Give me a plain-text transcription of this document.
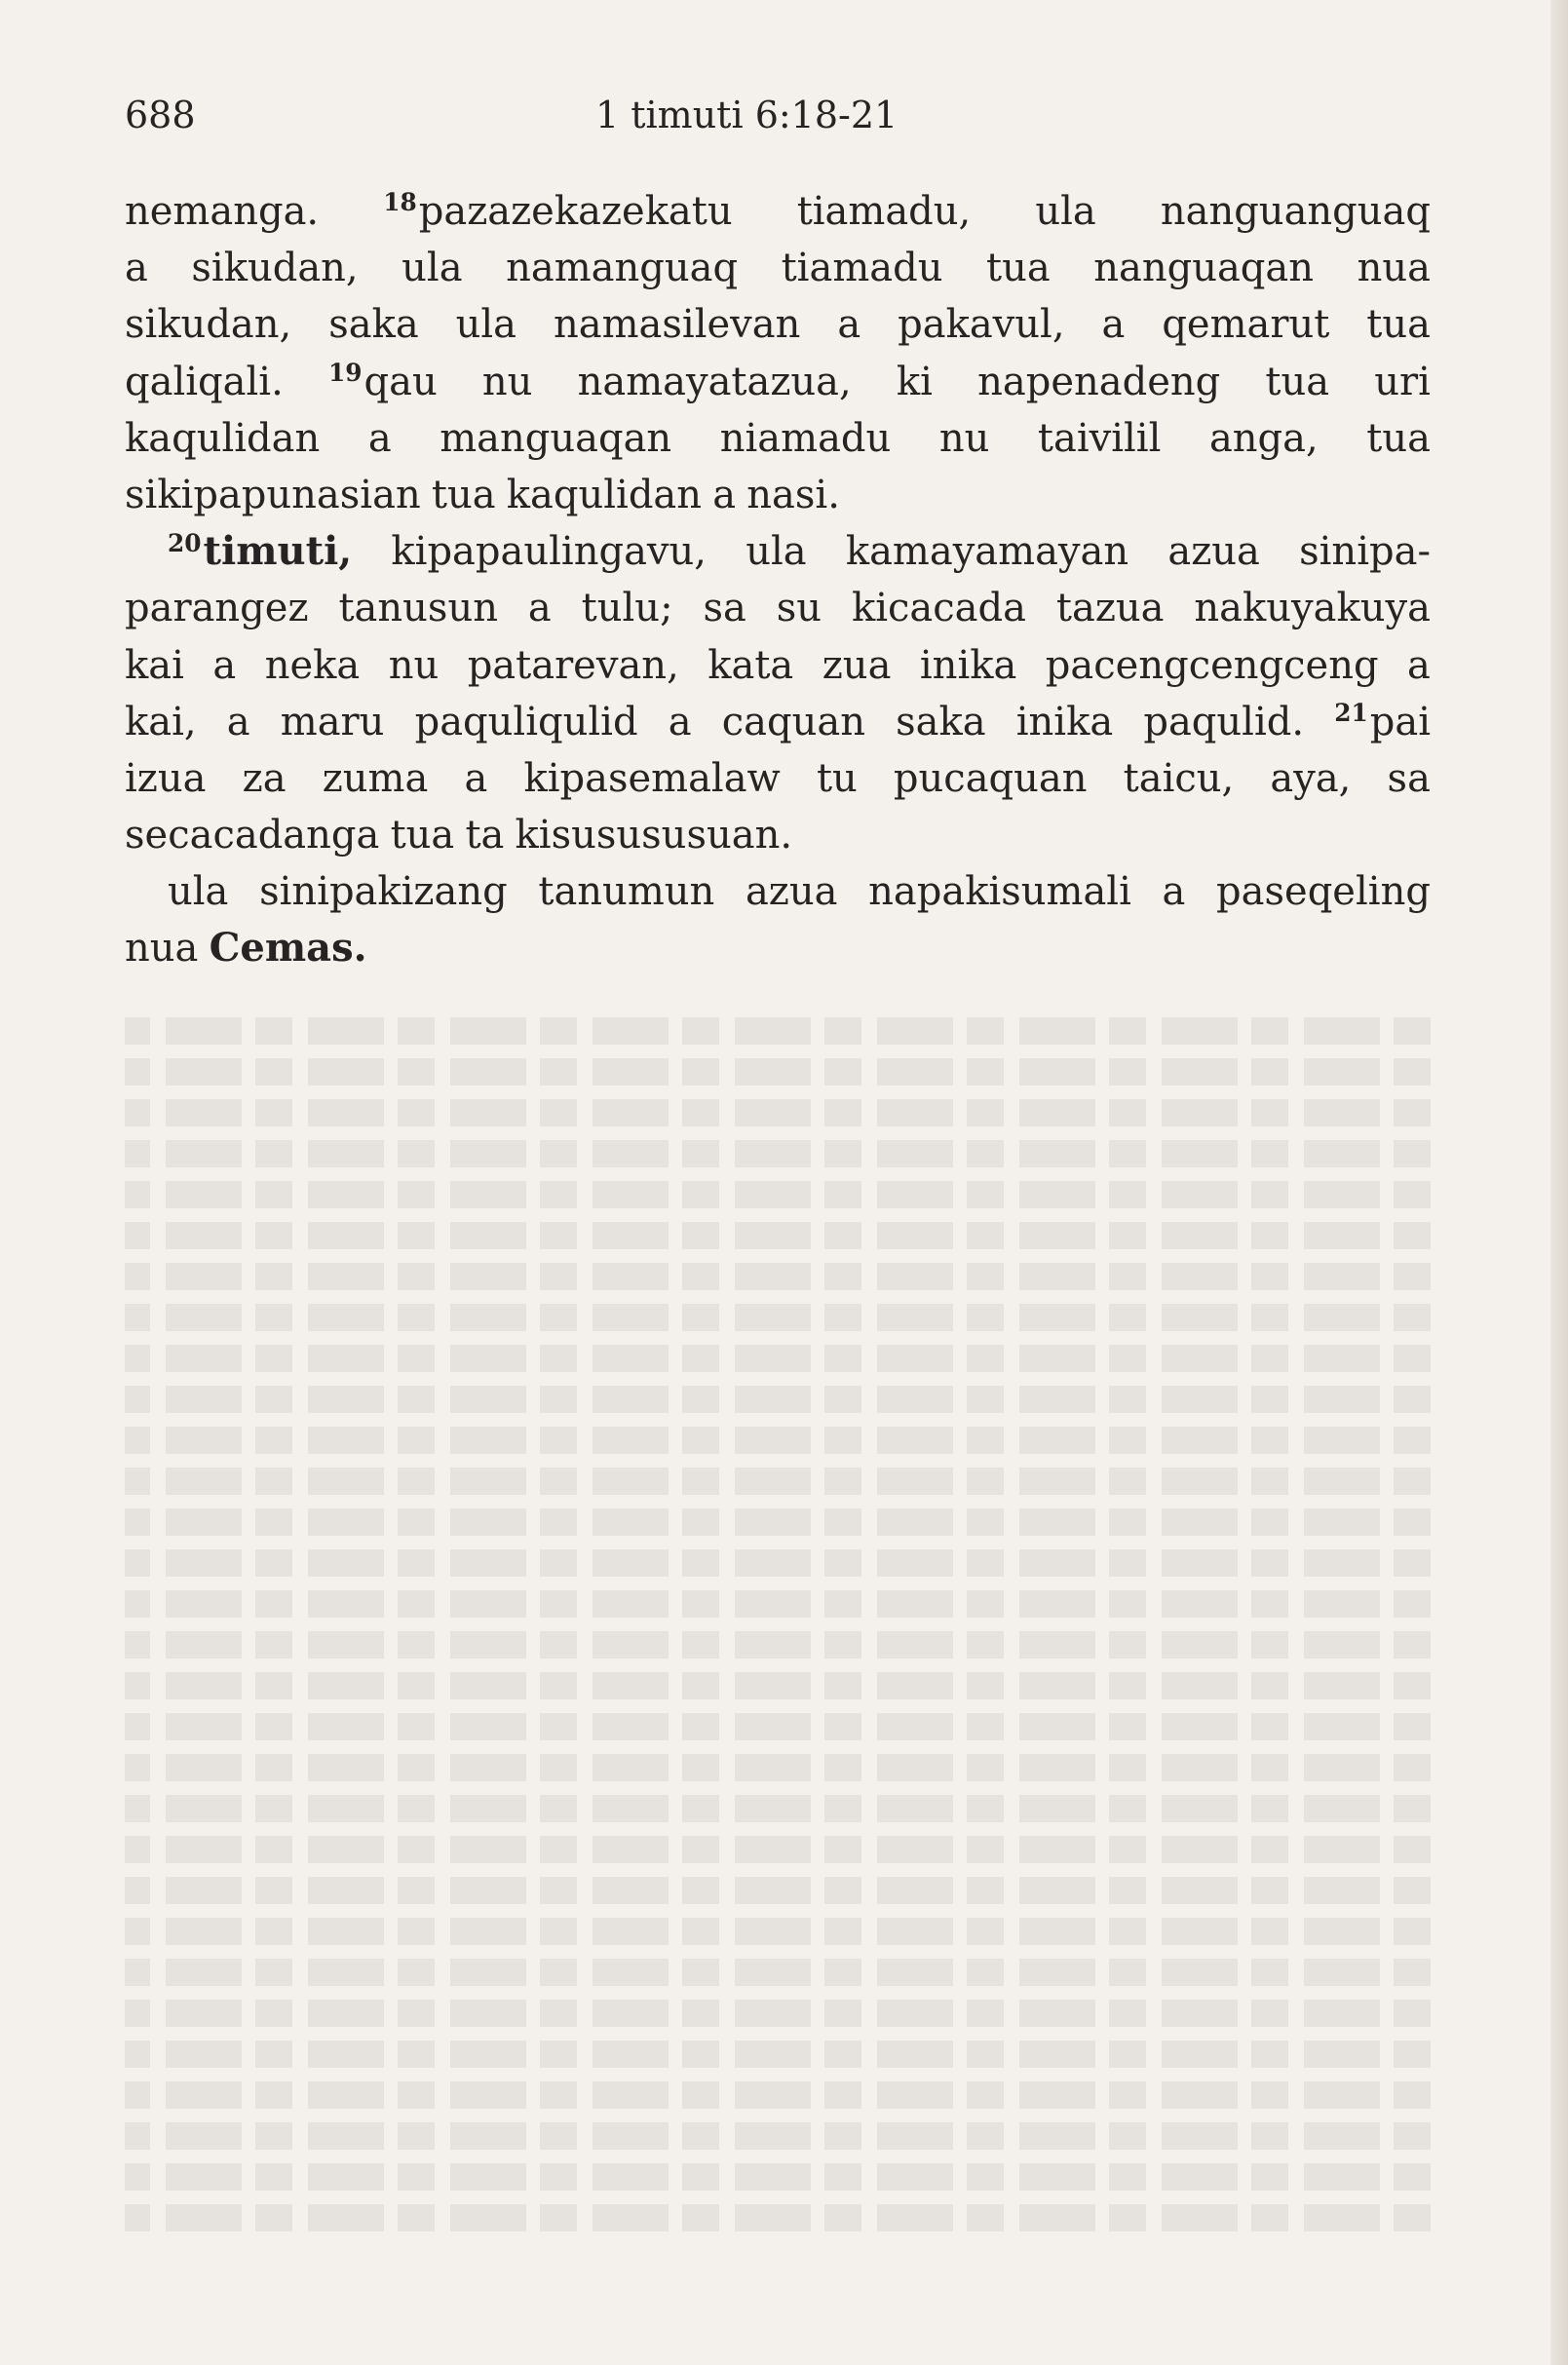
688	1 timuti 6:18-21
nemanga.	$^{18}$pazazekazekatu tiamadu, ula nanguanguaq
a sikudan, ula namanguaq tiamadu tua nanguaqan nua
sikudan, saka ula namasilevan a pakavul, a qemarut tua
qaliqali. $^{19}$qau nu namayatazua, ki napenadeng tua uri
kaqulidan a manguaqan niamadu nu taivilil anga, tua
sikipapunasian tua kaqulidan a nasi.
$^{20}$timuti, kipapaulingavu, ula kamayamayan azua sinipa-
parangez tanusun a tulu; sa su kicacada tazua nakuyakuya
kai a neka nu patarevan, kata zua inika pacengcengceng a
kai, a maru paquliqulid a caquan saka inika paqulid. $^{21}$pai
izua za zuma a kipasemalaw tu pucaquan taicu, aya, sa
secacadanga tua ta kisusususuan.
ula sinipakizang tanumun azua napakisumali a paseqeling
nua Cemas.
